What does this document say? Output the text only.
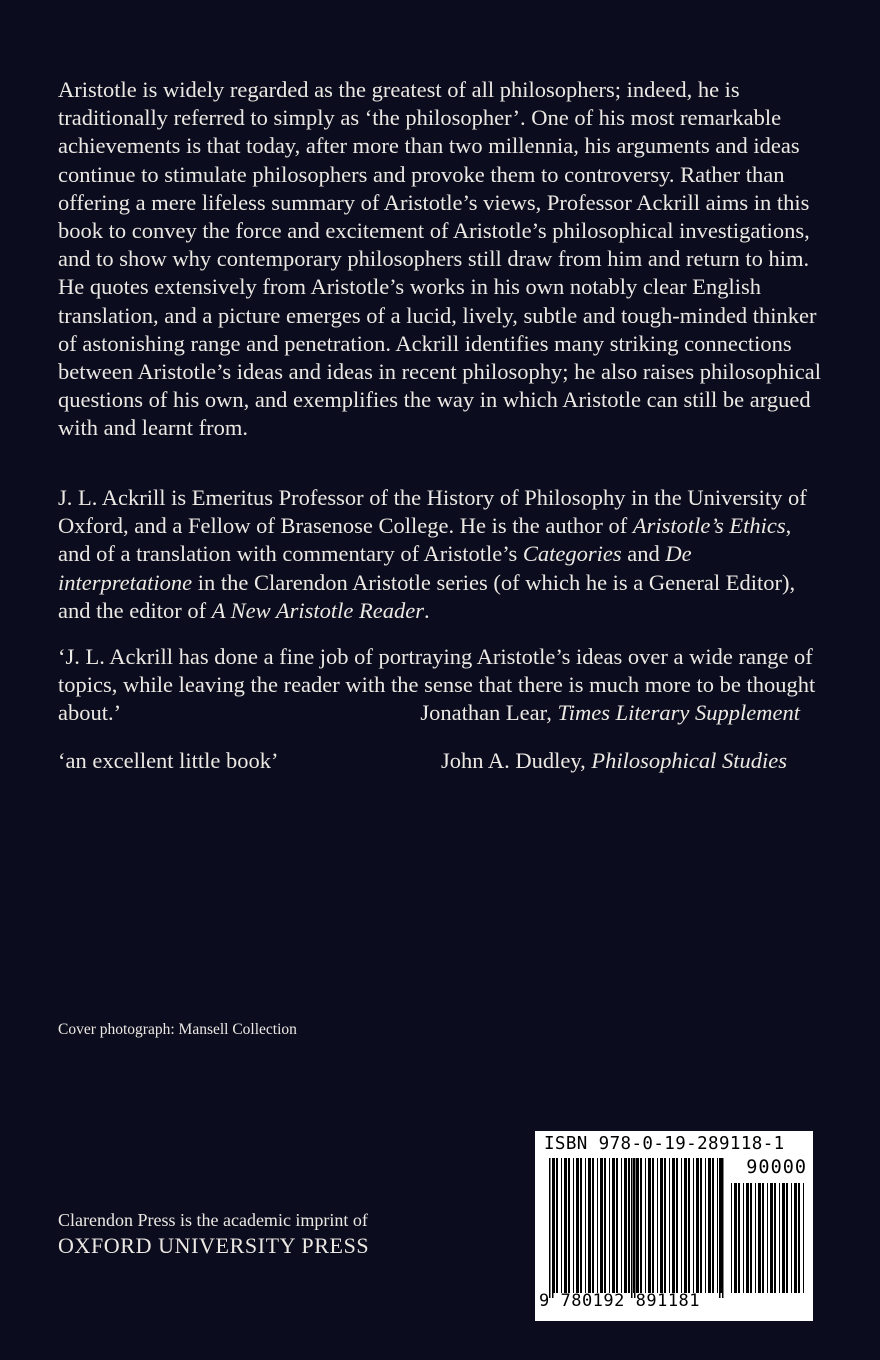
Aristotle is widely regarded as the greatest of all philosophers; indeed, he is traditionally referred to simply as ‘the philosopher’. One of his most remarkable achievements is that today, after more than two millennia, his arguments and ideas continue to stimulate philosophers and provoke them to controversy. Rather than offering a mere lifeless summary of Aristotle’s views, Professor Ackrill aims in this book to convey the force and excitement of Aristotle’s philosophical investigations, and to show why contemporary philosophers still draw from him and return to him. He quotes extensively from Aristotle’s works in his own notably clear English translation, and a picture emerges of a lucid, lively, subtle and tough-minded thinker of astonishing range and penetration. Ackrill identifies many striking connections between Aristotle’s ideas and ideas in recent philosophy; he also raises philosophical questions of his own, and exemplifies the way in which Aristotle can still be argued with and learnt from.

J. L. Ackrill is Emeritus Professor of the History of Philosophy in the University of Oxford, and a Fellow of Brasenose College. He is the author of Aristotle’s Ethics, and of a translation with commentary of Aristotle’s Categories and De interpretatione in the Clarendon Aristotle series (of which he is a General Editor), and the editor of A New Aristotle Reader.

‘J. L. Ackrill has done a fine job of portraying Aristotle’s ideas over a wide range of topics, while leaving the reader with the sense that there is much more to be thought about.’	Jonathan Lear, Times Literary Supplement

‘an excellent little book’	John A. Dudley, Philosophical Studies

Cover photograph: Mansell Collection
Clarendon Press is the academic imprint of
OXFORD UNIVERSITY PRESS
ISBN 978-0-19-289118-1
90000
9 780192 891181
